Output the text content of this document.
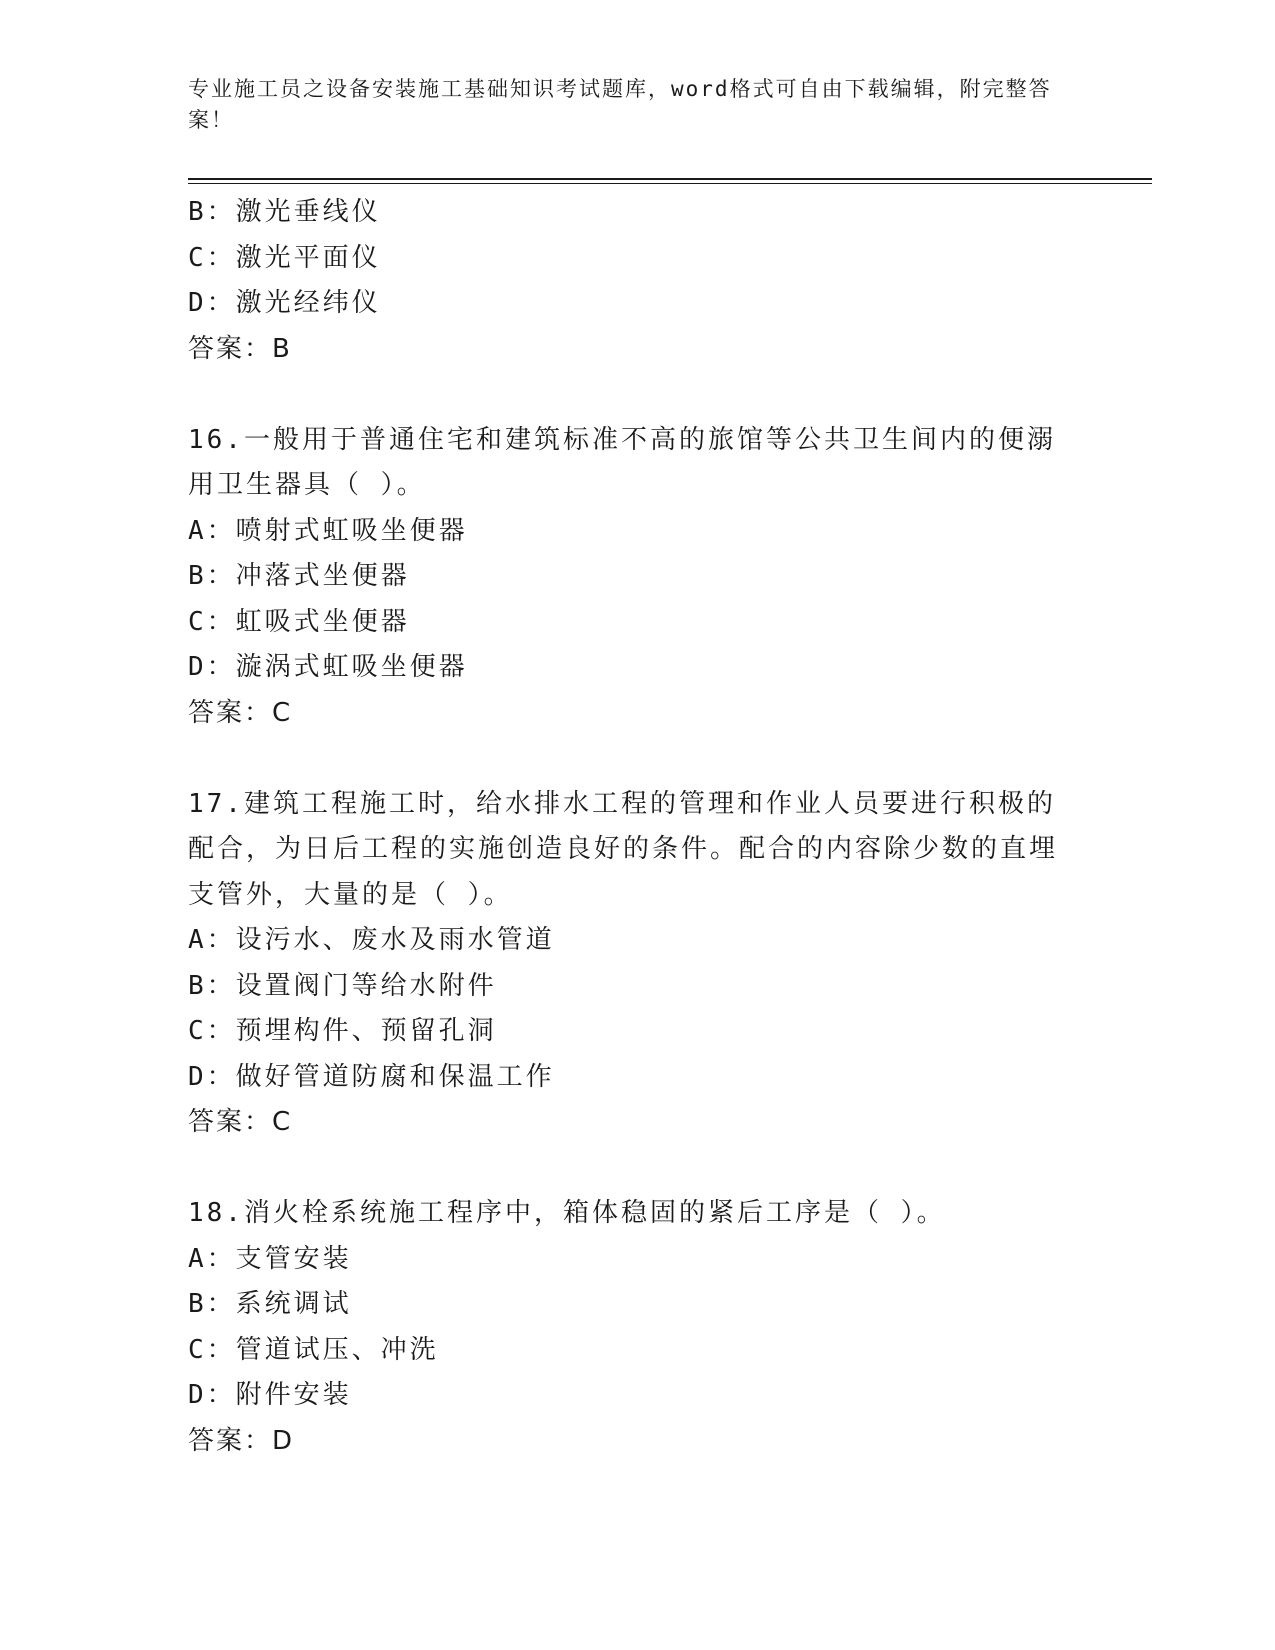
专业施工员之设备安装施工基础知识考试题库，word格式可自由下载编辑，附完整答案！
B：激光垂线仪
C：激光平面仪
D：激光经纬仪
答案：B
16.一般用于普通住宅和建筑标准不高的旅馆等公共卫生间内的便溺用卫生器具（ ）。
A：喷射式虹吸坐便器
B：冲落式坐便器
C：虹吸式坐便器
D：漩涡式虹吸坐便器
答案：C
17.建筑工程施工时，给水排水工程的管理和作业人员要进行积极的配合，为日后工程的实施创造良好的条件。配合的内容除少数的直埋支管外，大量的是（ ）。
A：设污水、废水及雨水管道
B：设置阀门等给水附件
C：预埋构件、预留孔洞
D：做好管道防腐和保温工作
答案：C
18.消火栓系统施工程序中，箱体稳固的紧后工序是（ ）。
A：支管安装
B：系统调试
C：管道试压、冲洗
D：附件安装
答案：D
